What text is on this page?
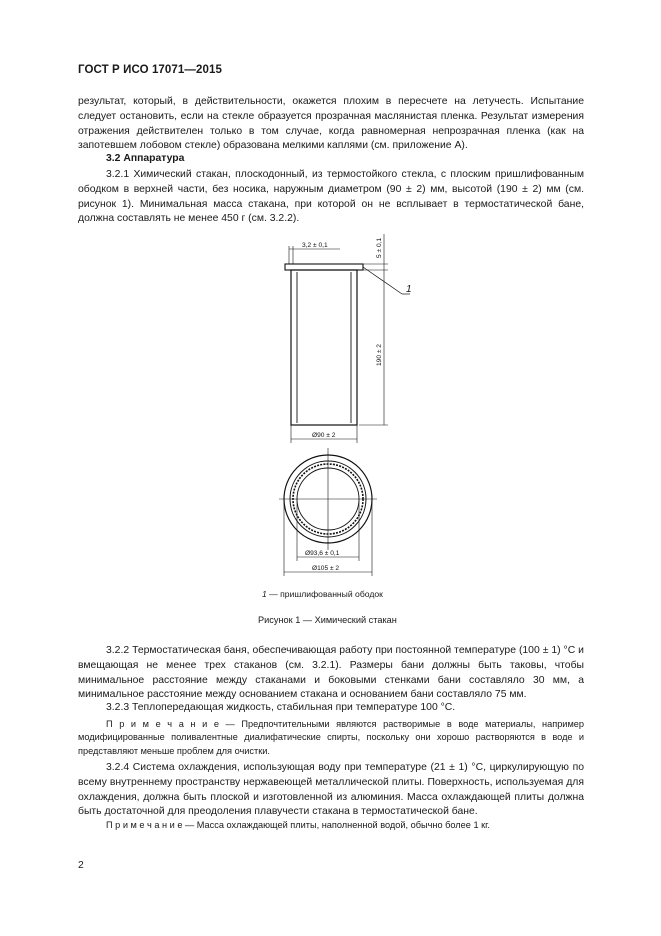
ГОСТ Р ИСО 17071—2015
результат, который, в действительности, окажется плохим в пересчете на летучесть. Испытание следует остановить, если на стекле образуется прозрачная маслянистая пленка. Результат измерения отражения действителен только в том случае, когда равномерная непрозрачная пленка (как на запотевшем лобовом стекле) образована мелкими каплями (см. приложение А).
3.2 Аппаратура
3.2.1 Химический стакан, плоскодонный, из термостойкого стекла, с плоским пришлифованным ободком в верхней части, без носика, наружным диаметром (90 ± 2) мм, высотой (190 ± 2) мм (см. рисунок 1). Минимальная масса стакана, при которой он не всплывает в термостатической бане, должна составлять не менее 450 г (см. 3.2.2).
3,2 ± 0,1	5 ± 0,1
190 ± 2
Ø90 ± 2
1
Ø93,6 ± 0,1
Ø105 ± 2
1 — пришлифованный ободок
Рисунок 1 — Химический стакан
3.2.2 Термостатическая баня, обеспечивающая работу при постоянной температуре (100 ± 1) °C и вмещающая не менее трех стаканов (см. 3.2.1). Размеры бани должны быть таковы, чтобы минимальное расстояние между стаканами и боковыми стенками бани составляло 30 мм, а минимальное расстояние между основанием стакана и основанием бани составляло 75 мм.
3.2.3 Теплопередающая жидкость, стабильная при температуре 100 °C.
П р и м е ч а н и е — Предпочтительными являются растворимые в воде материалы, например модифицированные поливалентные диалифатические спирты, поскольку они хорошо растворяются в воде и представляют меньше проблем для очистки.
3.2.4 Система охлаждения, использующая воду при температуре (21 ± 1) °C, циркулирующую по всему внутреннему пространству нержавеющей металлической плиты. Поверхность, используемая для охлаждения, должна быть плоской и изготовленной из алюминия. Масса охлаждающей плиты должна быть достаточной для преодоления плавучести стакана в термостатической бане.
П р и м е ч а н и е — Масса охлаждающей плиты, наполненной водой, обычно более 1 кг.
2
